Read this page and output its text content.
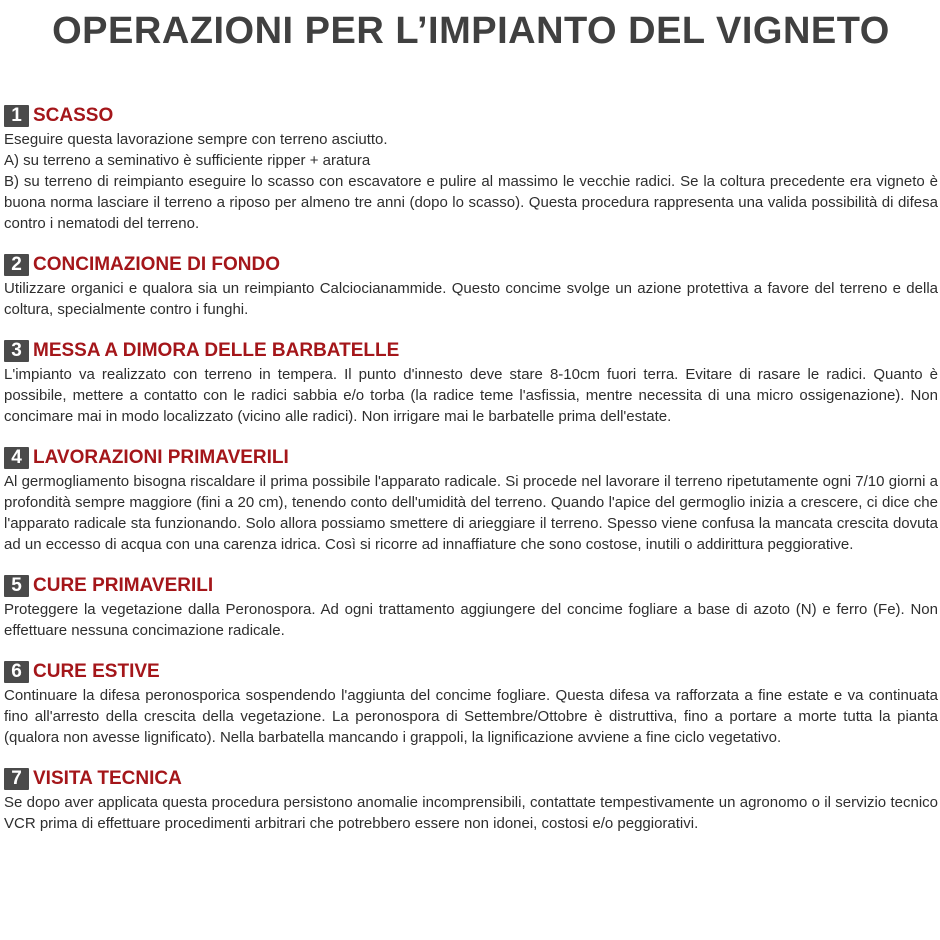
OPERAZIONI PER L’IMPIANTO DEL VIGNETO
1 SCASSO

Eseguire questa lavorazione sempre con terreno asciutto.

A) su terreno a seminativo è sufficiente ripper + aratura

B) su terreno di reimpianto eseguire lo scasso con escavatore e pulire al massimo le vecchie radici. Se la coltura precedente era vigneto è buona norma lasciare il terreno a riposo per almeno tre anni (dopo lo scasso). Questa procedura rappresenta una valida possibilità di difesa contro i nematodi del terreno.

2 CONCIMAZIONE DI FONDO

Utilizzare organici e qualora sia un reimpianto Calciocianammide. Questo concime svolge un azione protettiva a favore del terreno e della coltura, specialmente contro i funghi.

3 MESSA A DIMORA DELLE BARBATELLE

L'impianto va realizzato con terreno in tempera. Il punto d'innesto deve stare 8-10cm fuori terra. Evitare di rasare le radici. Quanto è possibile, mettere a contatto con le radici sabbia e/o torba (la radice teme l'asfissia, mentre necessita di una micro ossigenazione). Non concimare mai in modo localizzato (vicino alle radici). Non irrigare mai le barbatelle prima dell'estate.

4 LAVORAZIONI PRIMAVERILI

Al germogliamento bisogna riscaldare il prima possibile l'apparato radicale. Si procede nel lavorare il terreno ripetutamente ogni 7/10 giorni a profondità sempre maggiore (fini a 20 cm), tenendo conto dell'umidità del terreno. Quando l'apice del germoglio inizia a crescere, ci dice che l'apparato radicale sta funzionando. Solo allora possiamo smettere di arieggiare il terreno. Spesso viene confusa la mancata crescita dovuta ad un eccesso di acqua con una carenza idrica. Così si ricorre ad innaffiature che sono costose, inutili o addirittura peggiorative.

5 CURE PRIMAVERILI

Proteggere la vegetazione dalla Peronospora. Ad ogni trattamento aggiungere del concime fogliare a base di azoto (N) e ferro (Fe). Non effettuare nessuna concimazione radicale.

6 CURE ESTIVE

Continuare la difesa peronosporica sospendendo l'aggiunta del concime fogliare. Questa difesa va rafforzata a fine estate e va continuata fino all'arresto della crescita della vegetazione. La peronospora di Settembre/Ottobre è distruttiva, fino a portare a morte tutta la pianta (qualora non avesse lignificato). Nella barbatella mancando i grappoli, la lignificazione avviene a fine ciclo vegetativo.

7 VISITA TECNICA

Se dopo aver applicata questa procedura persistono anomalie incomprensibili, contattate tempestivamente un agronomo o il servizio tecnico VCR prima di effettuare procedimenti arbitrari che potrebbero essere non idonei, costosi e/o peggiorativi.
